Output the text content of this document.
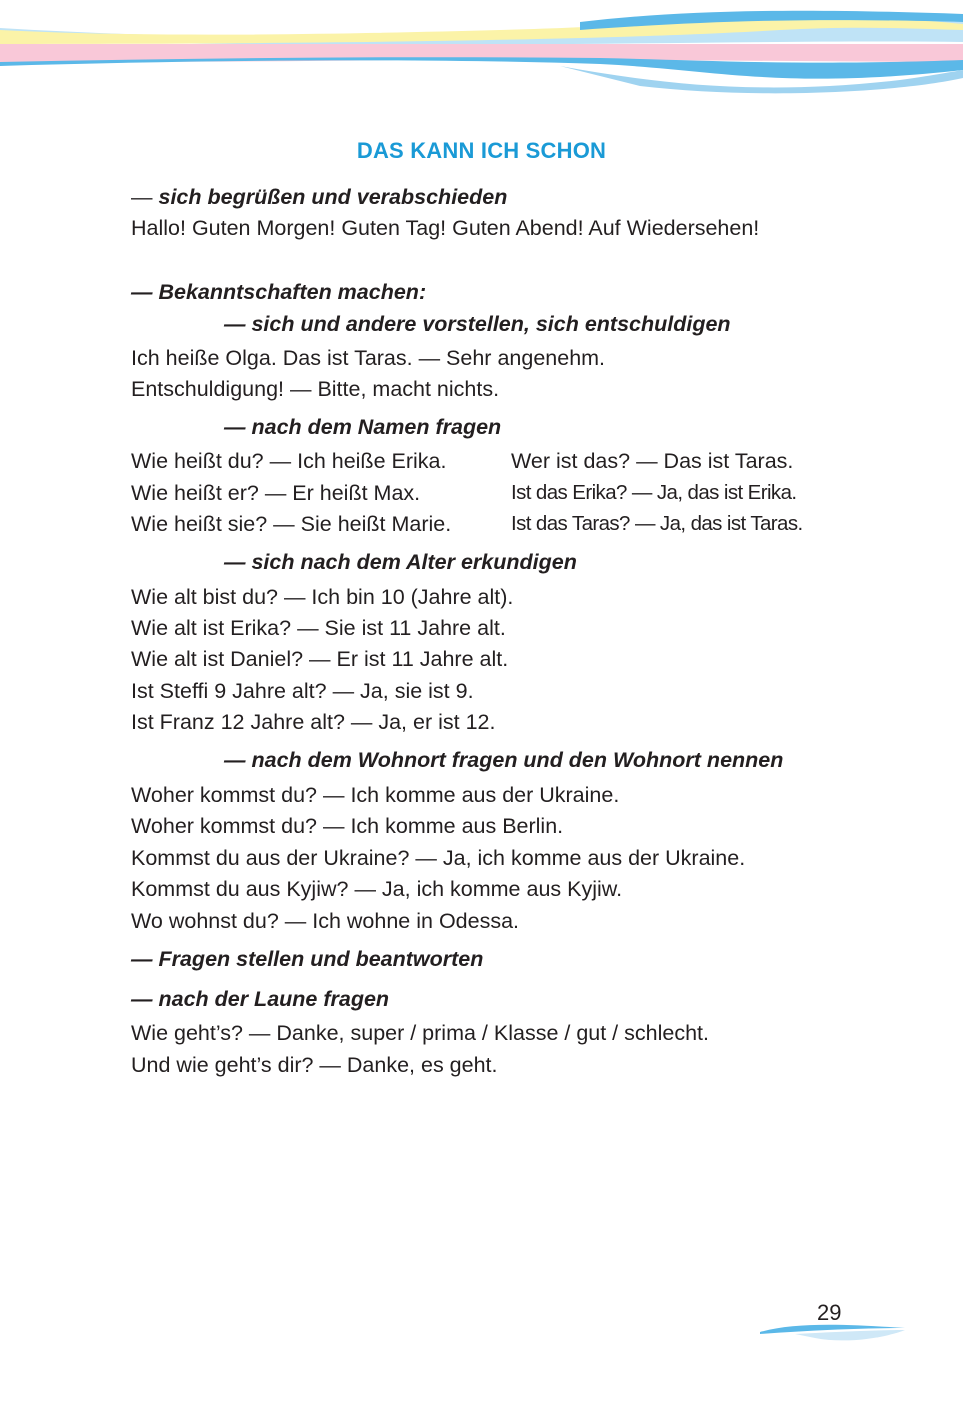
DAS KANN ICH SCHON
— sich begrüßen und verabschieden
Hallo! Guten Morgen! Guten Tag! Guten Abend! Auf Wiedersehen!
— Bekanntschaften machen:
— sich und andere vorstellen, sich entschuldigen
Ich heiße Olga. Das ist Taras. — Sehr angenehm.
Entschuldigung! — Bitte, macht nichts.
— nach dem Namen fragen
Wie heißt du? — Ich heiße Erika.	Wer ist das? — Das ist Taras.
Wie heißt er? — Er heißt Max.	Ist das Erika? — Ja, das ist Erika.
Wie heißt sie? — Sie heißt Marie.	Ist das Taras? — Ja, das ist Taras.
— sich nach dem Alter erkundigen
Wie alt bist du? — Ich bin 10 (Jahre alt).
Wie alt ist Erika? — Sie ist 11 Jahre alt.
Wie alt ist Daniel? — Er ist 11 Jahre alt.
Ist Steffi 9 Jahre alt? — Ja, sie ist 9.
Ist Franz 12 Jahre alt? — Ja, er ist 12.
— nach dem Wohnort fragen und den Wohnort nennen
Woher kommst du? — Ich komme aus der Ukraine.
Woher kommst du? — Ich komme aus Berlin.
Kommst du aus der Ukraine? — Ja, ich komme aus der Ukraine.
Kommst du aus Kyjiw? — Ja, ich komme aus Kyjiw.
Wo wohnst du? — Ich wohne in Odessa.
— Fragen stellen und beantworten
— nach der Laune fragen
Wie geht’s? — Danke, super / prima / Klasse / gut / schlecht.
Und wie geht’s dir? — Danke, es geht.
29
